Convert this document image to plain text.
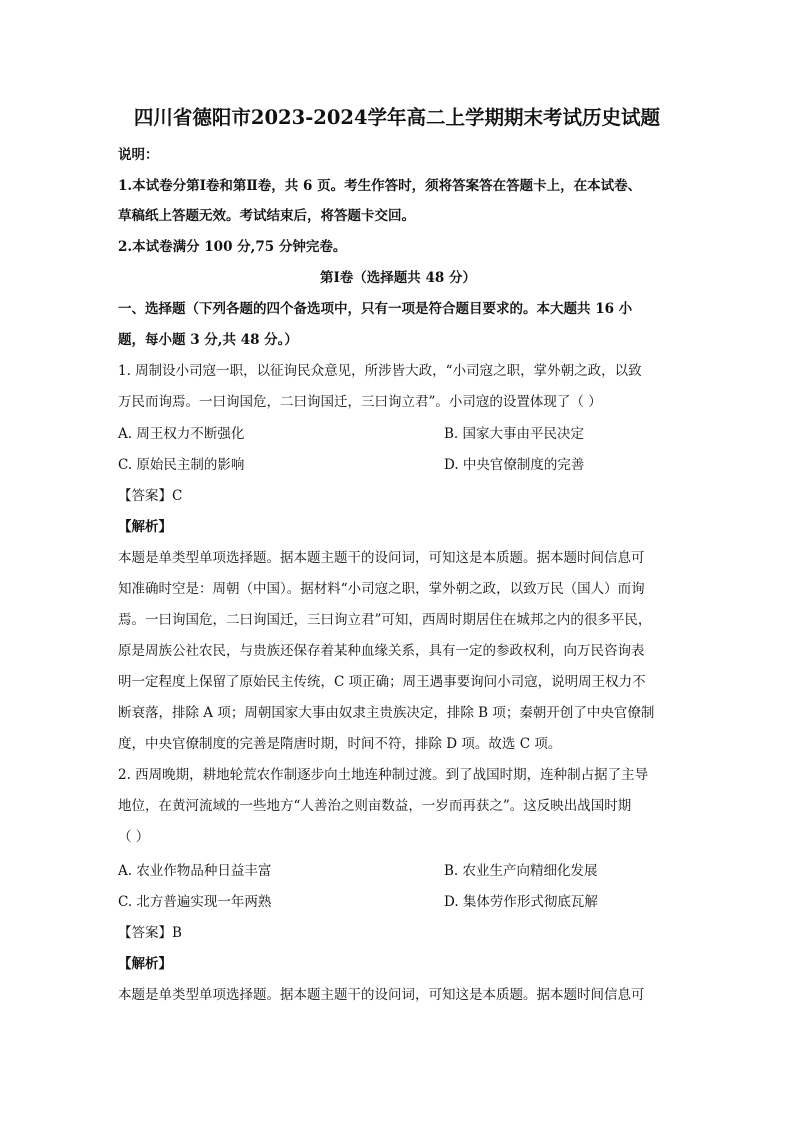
四川省德阳市2023-2024学年高二上学期期末考试历史试题
说明：
1.本试卷分第Ⅰ卷和第Ⅱ卷，共 6 页。考生作答时，须将答案答在答题卡上，在本试卷、
草稿纸上答题无效。考试结束后，将答题卡交回。
2.本试卷满分 100 分,75 分钟完卷。
第Ⅰ卷（选择题共 48 分）
一、选择题（下列各题的四个备选项中，只有一项是符合题目要求的。本大题共 16 小
题，每小题 3 分,共 48 分。）
1. 周制设小司寇一职，以征询民众意见，所涉皆大政，“小司寇之职，掌外朝之政，以致
万民而询焉。一曰询国危，二曰询国迁，三曰询立君”。小司寇的设置体现了（ ）
A. 周王权力不断强化	B. 国家大事由平民决定
C. 原始民主制的影响	D. 中央官僚制度的完善
【答案】C
【解析】
本题是单类型单项选择题。据本题主题干的设问词，可知这是本质题。据本题时间信息可
知准确时空是：周朝（中国）。据材料“小司寇之职，掌外朝之政，以致万民（国人）而询
焉。一曰询国危，二曰询国迁，三曰询立君”可知，西周时期居住在城邦之内的很多平民，
原是周族公社农民，与贵族还保存着某种血缘关系，具有一定的参政权利，向万民咨询表
明一定程度上保留了原始民主传统，C 项正确；周王遇事要询问小司寇，说明周王权力不
断衰落，排除 A 项；周朝国家大事由奴隶主贵族决定，排除 B 项；秦朝开创了中央官僚制
度，中央官僚制度的完善是隋唐时期，时间不符，排除 D 项。故选 C 项。
2. 西周晚期，耕地轮荒农作制逐步向土地连种制过渡。到了战国时期，连种制占据了主导
地位，在黄河流域的一些地方“人善治之则亩数益，一岁而再获之”。这反映出战国时期
（ ）
A. 农业作物品种日益丰富	B. 农业生产向精细化发展
C. 北方普遍实现一年两熟	D. 集体劳作形式彻底瓦解
【答案】B
【解析】
本题是单类型单项选择题。据本题主题干的设问词，可知这是本质题。据本题时间信息可
